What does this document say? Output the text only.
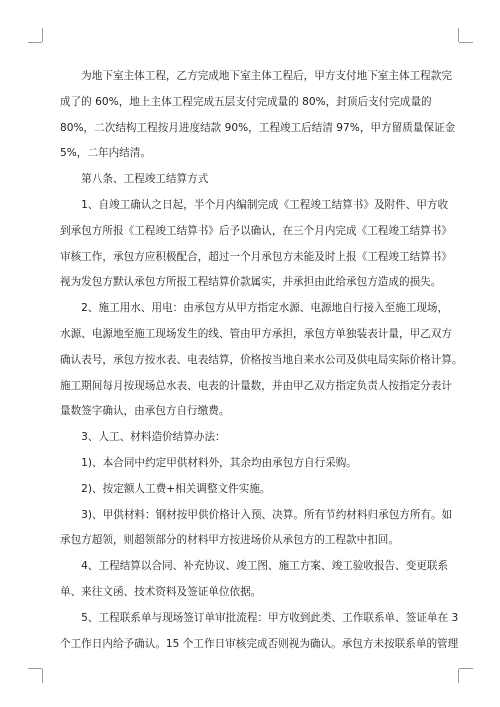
　　为地下室主体工程，乙方完成地下室主体工程后，甲方支付地下室主体工程款完

成了的 60%，地上主体工程完成五层支付完成量的 80%，封顶后支付完成量的

80%，二次结构工程按月进度结款 90%，工程竣工后结清 97%，甲方留质量保证金

5%，二年内结清。

　　第八条、工程竣工结算方式

　　1、自竣工确认之日起，半个月内编制完成《工程竣工结算书》及附件、甲方收

到承包方所报《工程竣工结算书》后予以确认，在三个月内完成《工程竣工结算书》

审核工作，承包方应积极配合，超过一个月承包方未能及时上报《工程竣工结算书》

视为发包方默认承包方所报工程结算价款属实，并承担由此给承包方造成的损失。

　　2、施工用水、用电：由承包方从甲方指定水源、电源地自行接入至施工现场，

水源、电源地至施工现场发生的线、管由甲方承担，承包方单独装表计量，甲乙双方

确认表号，承包方按水表、电表结算，价格按当地自来水公司及供电局实际价格计算。

施工期间每月按现场总水表、电表的计量数，并由甲乙双方指定负责人按指定分表计

量数签字确认，由承包方自行缴费。

　　3、人工、材料造价结算办法：

　　1)、本合同中约定甲供材料外，其余均由承包方自行采购。

　　2)、按定额人工费+相关调整文件实施。

　　3)、甲供材料：钢材按甲供价格计入预、决算。所有节约材料归承包方所有。如

承包方超领，则超领部分的材料甲方按进场价从承包方的工程款中扣回。

　　4、工程结算以合同、补充协议、竣工图、施工方案、竣工验收报告、变更联系

单、来往文函、技术资料及签证单位依据。

　　5、工程联系单与现场签订单审批流程：甲方收到此类、工作联系单、签证单在 3

个工作日内给予确认。15 个工作日审核完成否则视为确认。承包方未按联系单的管理
